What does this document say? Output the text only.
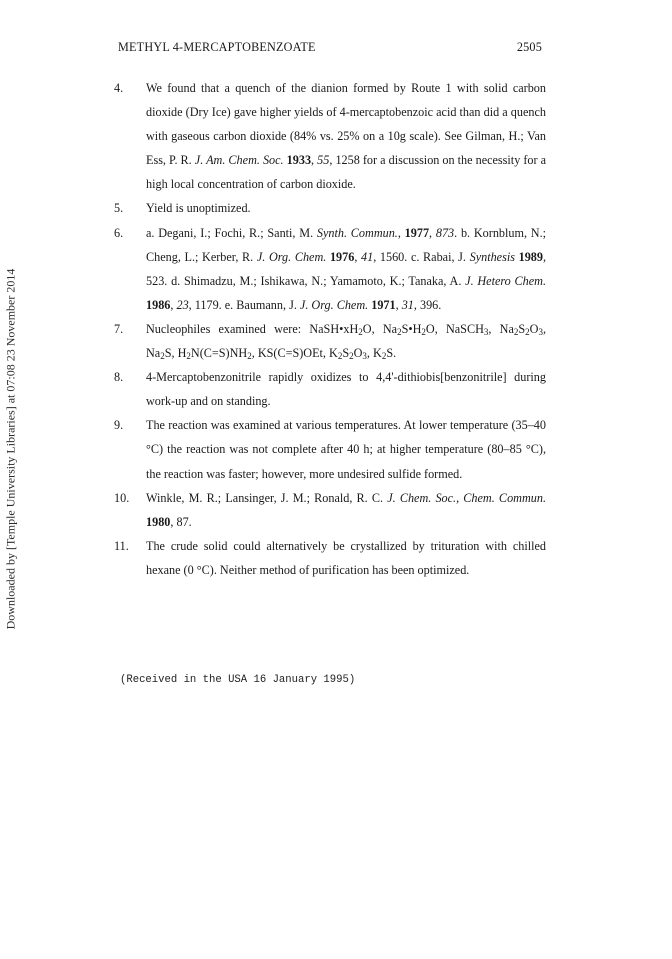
METHYL 4-MERCAPTOBENZOATE	2505
Downloaded by [Temple University Libraries] at 07:08 23 November 2014
4. We found that a quench of the dianion formed by Route 1 with solid carbon dioxide (Dry Ice) gave higher yields of 4-mercaptobenzoic acid than did a quench with gaseous carbon dioxide (84% vs. 25% on a 10g scale). See Gilman, H.; Van Ess, P. R. J. Am. Chem. Soc. 1933, 55, 1258 for a discussion on the necessity for a high local concentration of carbon dioxide.
5. Yield is unoptimized.
6. a. Degani, I.; Fochi, R.; Santi, M. Synth. Commun., 1977, 873. b. Kornblum, N.; Cheng, L.; Kerber, R. J. Org. Chem. 1976, 41, 1560. c. Rabai, J. Synthesis 1989, 523. d. Shimadzu, M.; Ishikawa, N.; Yamamoto, K.; Tanaka, A. J. Hetero Chem. 1986, 23, 1179. e. Baumann, J. J. Org. Chem. 1971, 31, 396.
7. Nucleophiles examined were: $NaSH•xH_2O$, $Na_2S•H_2O$, NaSCH$_3$, $Na_2S_2O_3$, $Na_2S$, $H_2N(C=S)NH_2$, KS(C=S)OEt, $K_2S_2O_3$, $K_2S$.
8. 4-Mercaptobenzonitrile rapidly oxidizes to 4,4'-dithiobis[benzonitrile] during work-up and on standing.
9. The reaction was examined at various temperatures. At lower temperature (35–40 °C) the reaction was not complete after 40 h; at higher temperature (80–85 °C), the reaction was faster; however, more undesired sulfide formed.
10. Winkle, M. R.; Lansinger, J. M.; Ronald, R. C. J. Chem. Soc., Chem. Commun. 1980, 87.
11. The crude solid could alternatively be crystallized by trituration with chilled hexane (0 °C). Neither method of purification has been optimized.
(Received in the USA 16 January 1995)
